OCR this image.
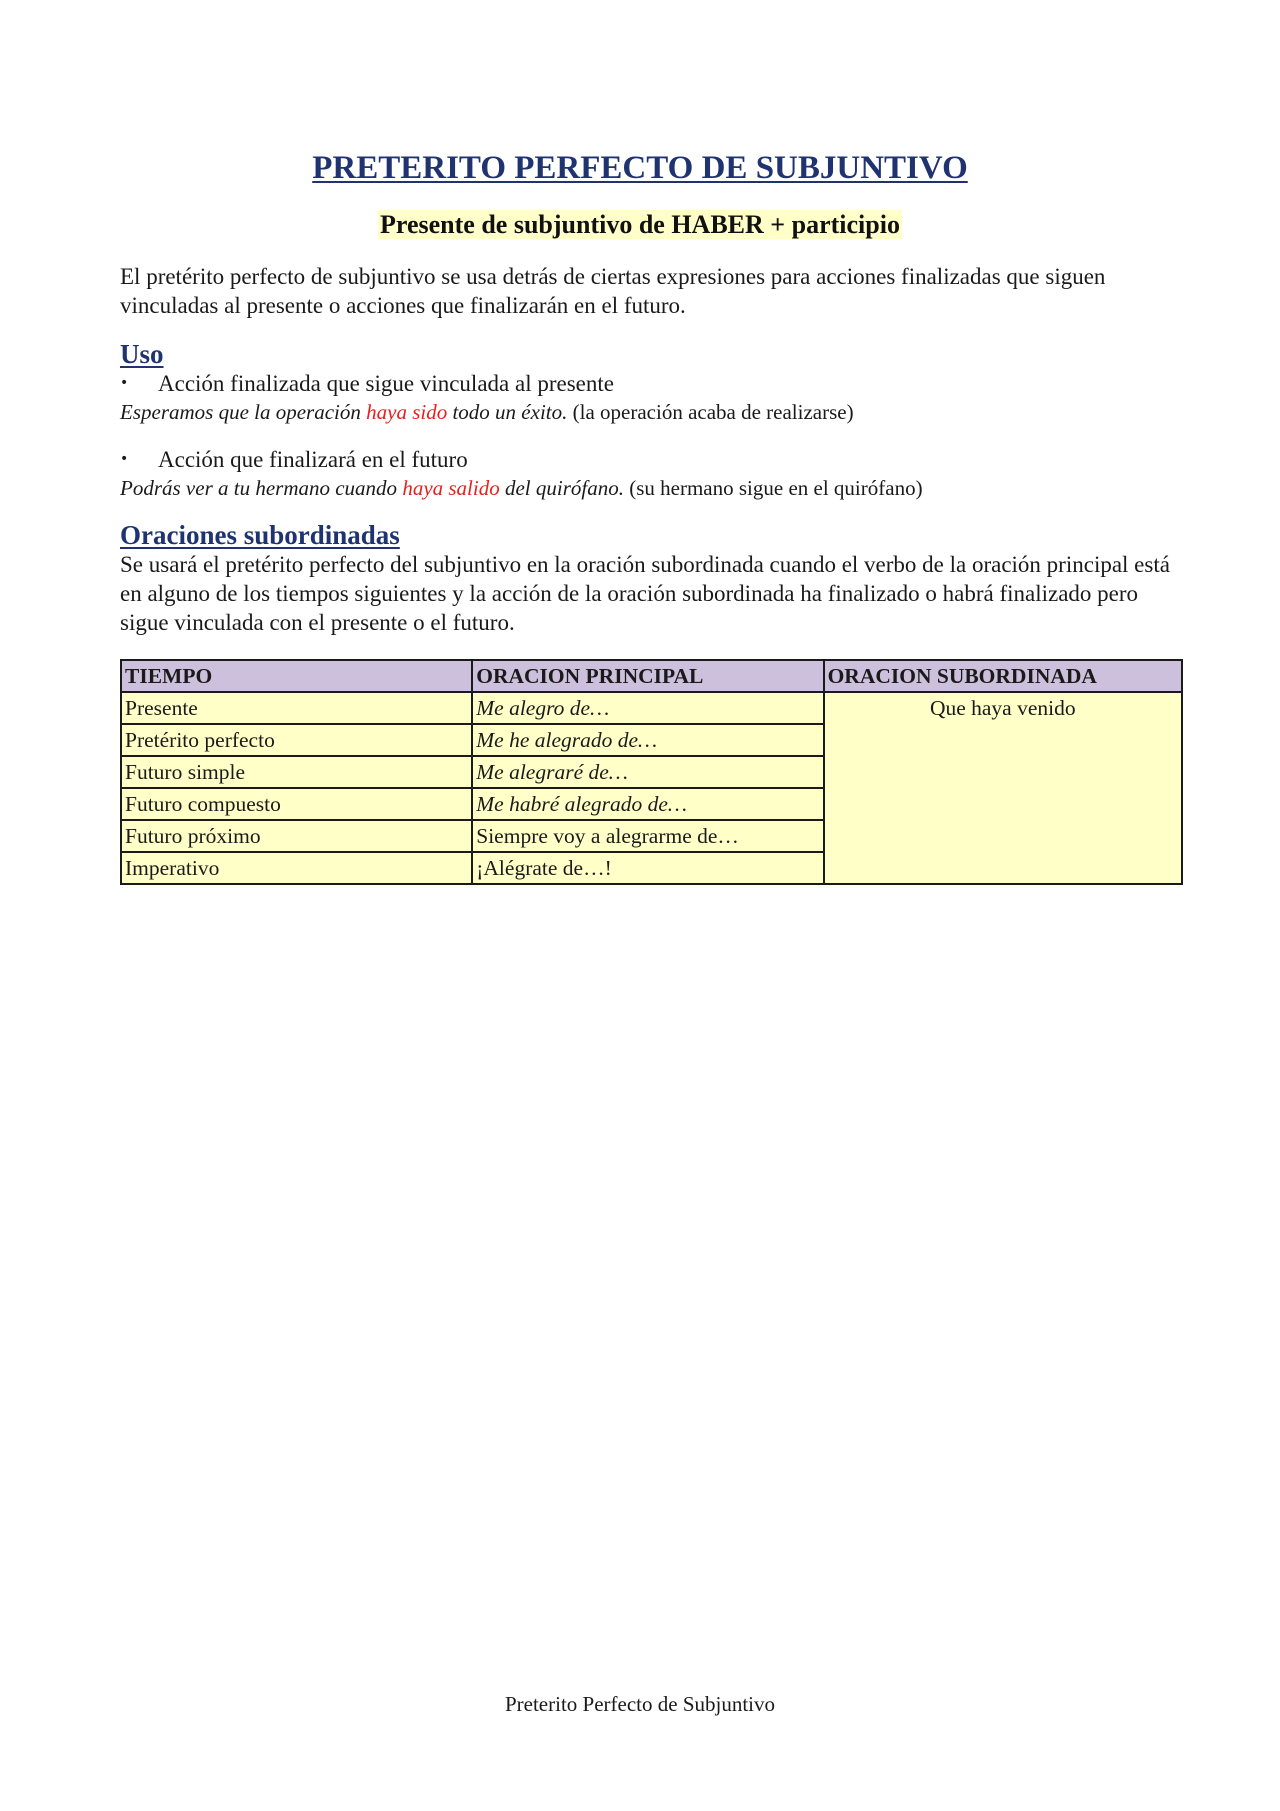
PRETERITO PERFECTO DE SUBJUNTIVO
Presente de subjuntivo de HABER + participio

El pretérito perfecto de subjuntivo se usa detrás de ciertas expresiones para acciones finalizadas que siguen vinculadas al presente o acciones que finalizarán en el futuro.

Uso
•	Acción finalizada que sigue vinculada al presente

Esperamos que la operación haya sido todo un éxito. (la operación acaba de realizarse)

•	Acción que finalizará en el futuro

Podrás ver a tu hermano cuando haya salido del quirófano. (su hermano sigue en el quirófano)

Oraciones subordinadas

Se usará el pretérito perfecto del subjuntivo en la oración subordinada cuando el verbo de la oración principal está en alguno de los tiempos siguientes y la acción de la oración subordinada ha finalizado o habrá finalizado pero sigue vinculada con el presente o el futuro.

TIEMPO	ORACION PRINCIPAL	ORACION SUBORDINADA
Presente	Me alegro de…	Que haya venido
Pretérito perfecto	Me he alegrado de…	
Futuro simple	Me alegraré de…	
Futuro compuesto	Me habré alegrado de…	
Futuro próximo	Siempre voy a alegrarme de…	
Imperativo	¡Alégrate de…!	
Preterito Perfecto de Subjuntivo
